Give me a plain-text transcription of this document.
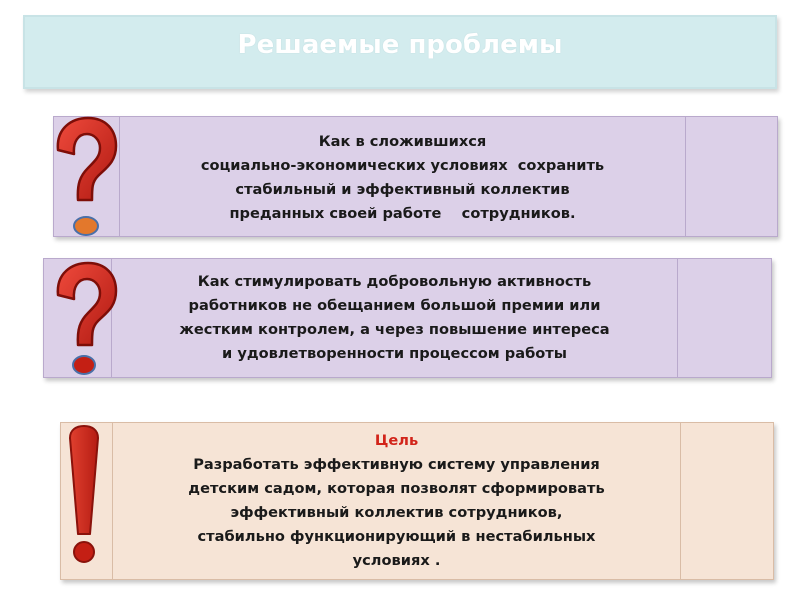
Решаемые проблемы
Как в сложившихся
социально-экономических условиях  сохранить
стабильный и эффективный коллектив
преданных своей работе    сотрудников.
Как стимулировать добровольную активность
работников не обещанием большой премии или
жестким контролем, а через повышение интереса
и удовлетворенности процессом работы
Цель
Разработать эффективную систему управления
детским садом, которая позволят сформировать
эффективный коллектив сотрудников,
стабильно функционирующий в нестабильных
условиях .
